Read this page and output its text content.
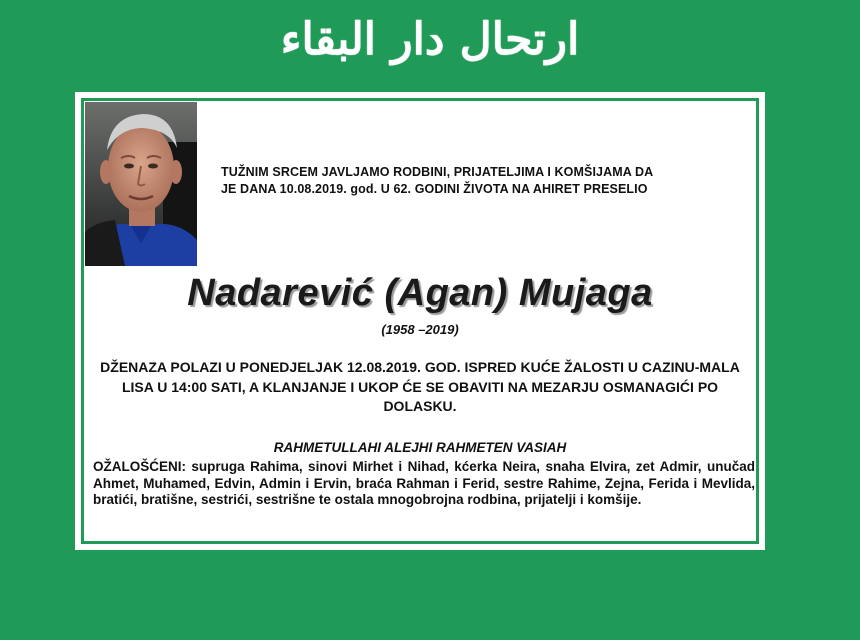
ارتحال دار البقاء
TUŽNIM SRCEM JAVLJAMO RODBINI, PRIJATELJIMA I KOMŠIJAMA DA
JE DANA 10.08.2019. god. U 62. GODINI ŽIVOTA NA AHIRET PRESELIO
Nadarević (Agan) Mujaga
(1958 –2019)
DŽENAZA POLAZI U PONEDJELJAK 12.08.2019. GOD. ISPRED KUĆE ŽALOSTI U CAZINU-MALA LISA U 14:00 SATI, A KLANJANJE I UKOP ĆE SE OBAVITI NA MEZARJU OSMANAGIĆI PO DOLASKU.
RAHMETULLAHI ALEJHI RAHMETEN VASIAH
OŽALOŠĆENI: supruga Rahima, sinovi Mirhet i Nihad, kćerka Neira, snaha Elvira, zet Admir, unučad Ahmet, Muhamed, Edvin, Admin i Ervin, braća Rahman i Ferid, sestre Rahime, Zejna, Ferida i Mevlida, bratići, bratišne, sestrići, sestrišne te ostala mnogobrojna rodbina, prijatelji i komšije.
